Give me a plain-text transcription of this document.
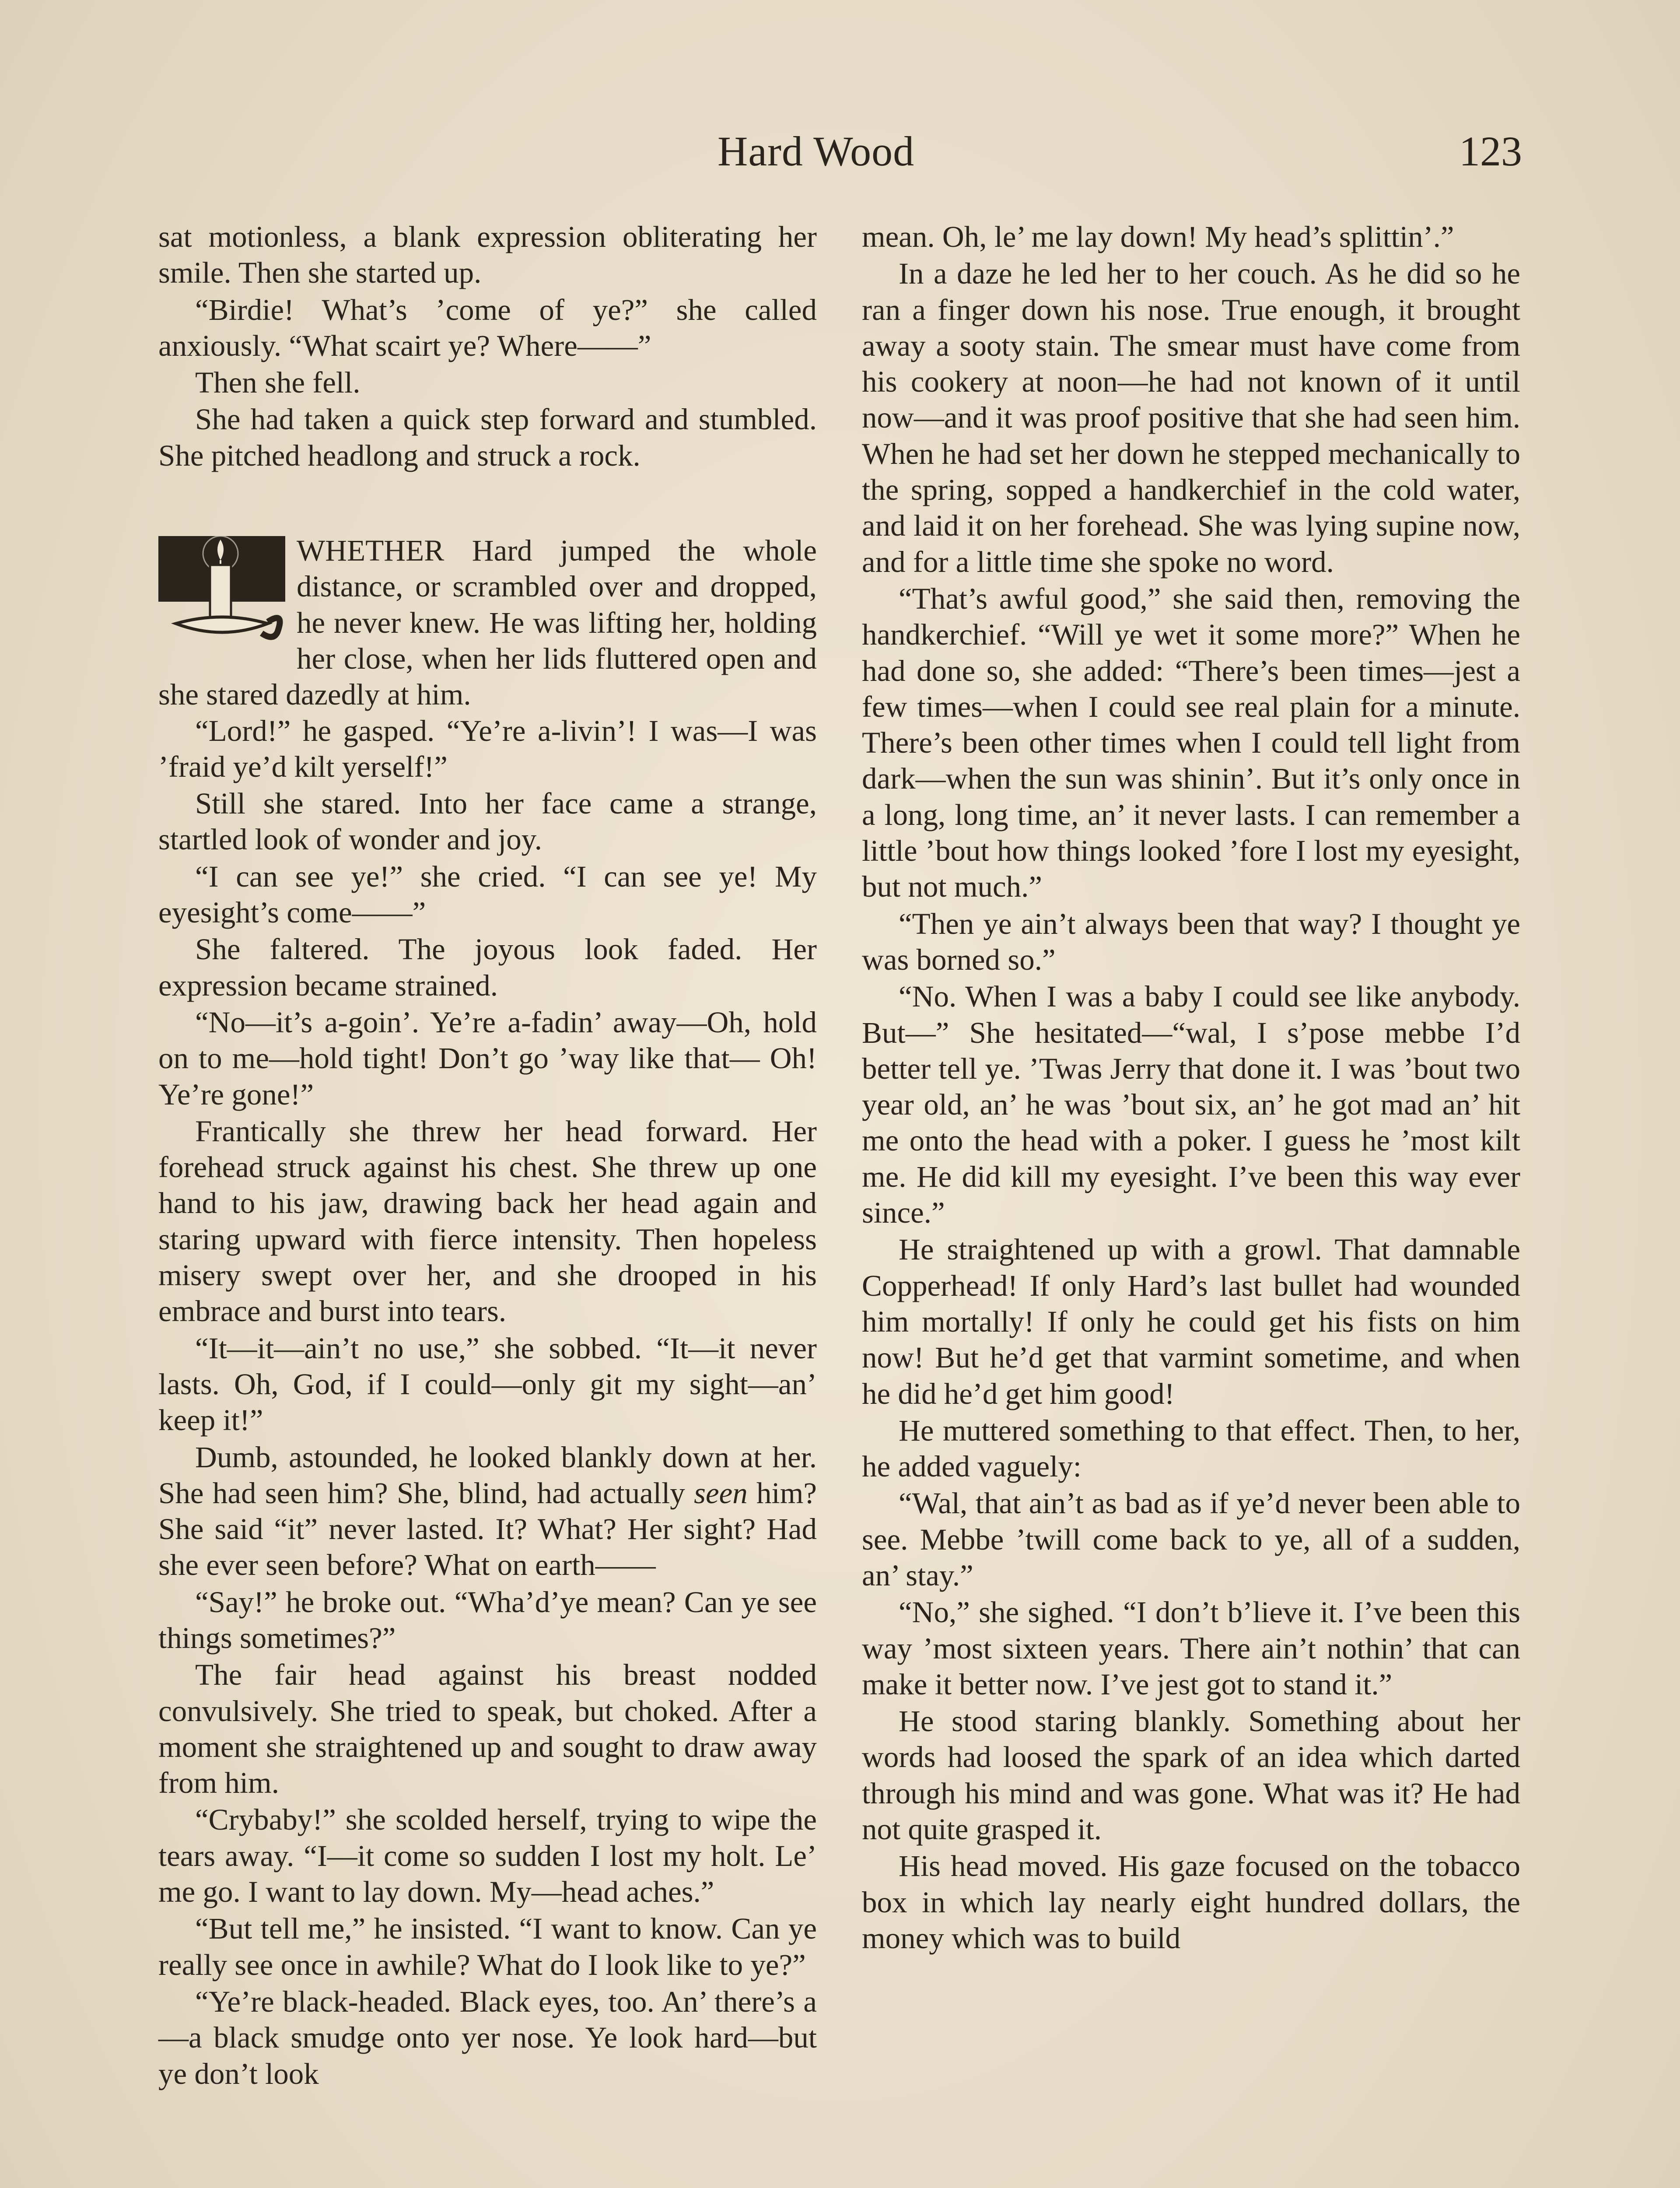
Hard Wood	123

sat motionless, a blank expression obliterating her smile. Then she started up.

“Birdie! What’s ’come of ye?” she called anxiously. “What scairt ye? Where——”

Then she fell.

She had taken a quick step forward and stumbled. She pitched headlong and struck a rock.

WHETHER Hard jumped the whole distance, or scrambled over and dropped, he never knew. He was lifting her, holding her close, when her lids fluttered open and she stared dazedly at him.

“Lord!” he gasped. “Ye’re a-livin’! I was—I was ’fraid ye’d kilt yerself!”

Still she stared. Into her face came a strange, startled look of wonder and joy.

“I can see ye!” she cried. “I can see ye! My eyesight’s come——”

She faltered. The joyous look faded. Her expression became strained.

“No—it’s a-goin’. Ye’re a-fadin’ away—Oh, hold on to me—hold tight! Don’t go ’way like that— Oh! Ye’re gone!”

Frantically she threw her head forward. Her forehead struck against his chest. She threw up one hand to his jaw, drawing back her head again and staring upward with fierce intensity. Then hopeless misery swept over her, and she drooped in his embrace and burst into tears.

“It—it—ain’t no use,” she sobbed. “It—it never lasts. Oh, God, if I could—only git my sight—an’ keep it!”

Dumb, astounded, he looked blankly down at her. She had seen him? She, blind, had actually seen him? She said “it” never lasted. It? What? Her sight? Had she ever seen before? What on earth——

“Say!” he broke out. “Wha’d’ye mean? Can ye see things sometimes?”

The fair head against his breast nodded convulsively. She tried to speak, but choked. After a moment she straightened up and sought to draw away from him.

“Crybaby!” she scolded herself, trying to wipe the tears away. “I—it come so sudden I lost my holt. Le’ me go. I want to lay down. My—head aches.”

“But tell me,” he insisted. “I want to know. Can ye really see once in awhile? What do I look like to ye?”

“Ye’re black-headed. Black eyes, too. An’ there’s a—a black smudge onto yer nose. Ye look hard—but ye don’t look

mean. Oh, le’ me lay down! My head’s splittin’.”

In a daze he led her to her couch. As he did so he ran a finger down his nose. True enough, it brought away a sooty stain. The smear must have come from his cookery at noon—he had not known of it until now—and it was proof positive that she had seen him. When he had set her down he stepped mechanically to the spring, sopped a handkerchief in the cold water, and laid it on her forehead. She was lying supine now, and for a little time she spoke no word.

“That’s awful good,” she said then, removing the handkerchief. “Will ye wet it some more?” When he had done so, she added: “There’s been times—jest a few times—when I could see real plain for a minute. There’s been other times when I could tell light from dark—when the sun was shinin’. But it’s only once in a long, long time, an’ it never lasts. I can remember a little ’bout how things looked ’fore I lost my eyesight, but not much.”

“Then ye ain’t always been that way? I thought ye was borned so.”

“No. When I was a baby I could see like anybody. But—” She hesitated—“wal, I s’pose mebbe I’d better tell ye. ’Twas Jerry that done it. I was ’bout two year old, an’ he was ’bout six, an’ he got mad an’ hit me onto the head with a poker. I guess he ’most kilt me. He did kill my eyesight. I’ve been this way ever since.”

He straightened up with a growl. That damnable Copperhead! If only Hard’s last bullet had wounded him mortally! If only he could get his fists on him now! But he’d get that varmint sometime, and when he did he’d get him good!

He muttered something to that effect. Then, to her, he added vaguely:

“Wal, that ain’t as bad as if ye’d never been able to see. Mebbe ’twill come back to ye, all of a sudden, an’ stay.”

“No,” she sighed. “I don’t b’lieve it. I’ve been this way ’most sixteen years. There ain’t nothin’ that can make it better now. I’ve jest got to stand it.”

He stood staring blankly. Something about her words had loosed the spark of an idea which darted through his mind and was gone. What was it? He had not quite grasped it.

His head moved. His gaze focused on the tobacco box in which lay nearly eight hundred dollars, the money which was to build
